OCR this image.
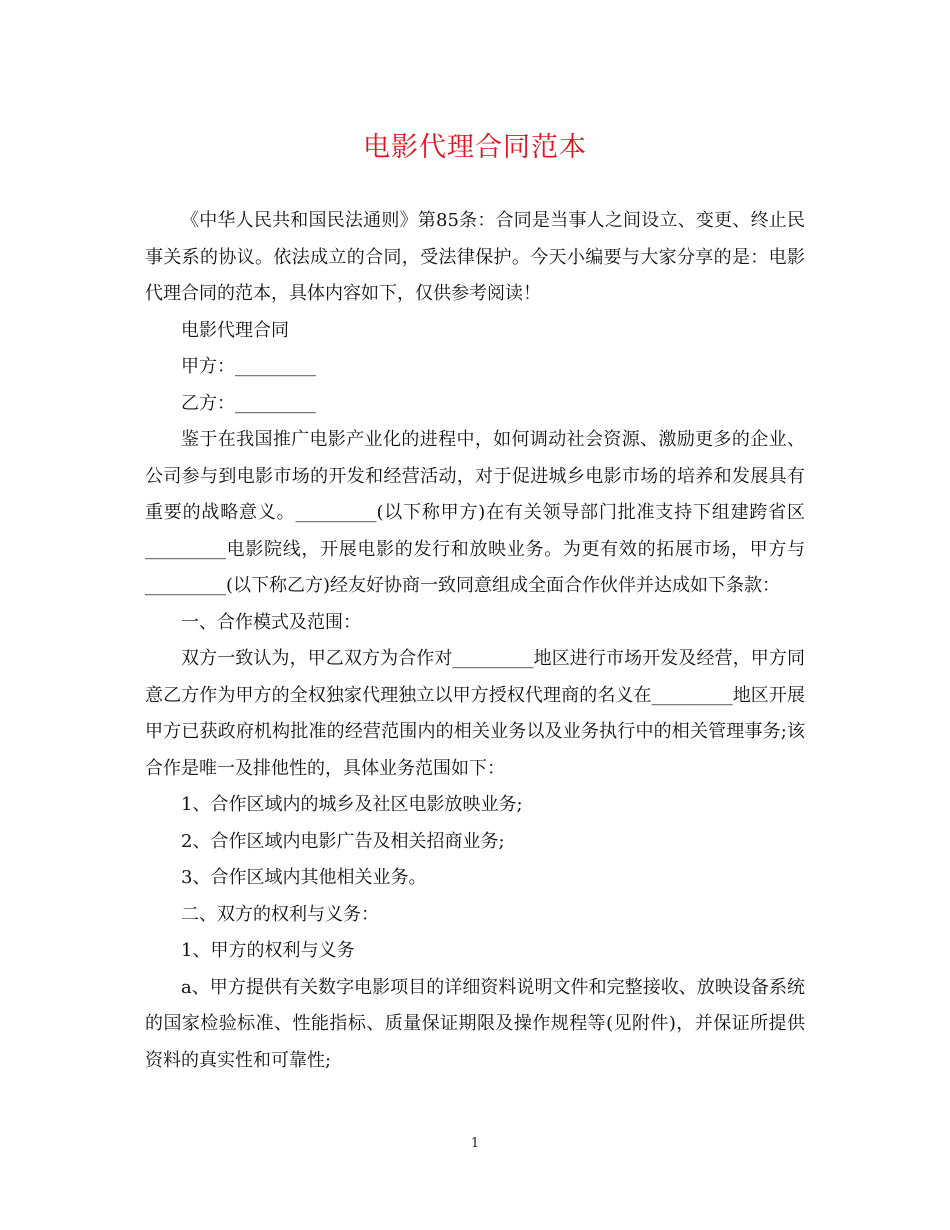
电影代理合同范本

《中华人民共和国民法通则》第85条：合同是当事人之间设立、变更、终止民事关系的协议。依法成立的合同，受法律保护。今天小编要与大家分享的是：电影代理合同的范本，具体内容如下，仅供参考阅读！

电影代理合同

甲方：_________

乙方：_________

鉴于在我国推广电影产业化的进程中，如何调动社会资源、激励更多的企业、公司参与到电影市场的开发和经营活动，对于促进城乡电影市场的培养和发展具有重要的战略意义。_________(以下称甲方)在有关领导部门批准支持下组建跨省区_________电影院线，开展电影的发行和放映业务。为更有效的拓展市场，甲方与_________(以下称乙方)经友好协商一致同意组成全面合作伙伴并达成如下条款：

一、合作模式及范围：

双方一致认为，甲乙双方为合作对_________地区进行市场开发及经营，甲方同意乙方作为甲方的全权独家代理独立以甲方授权代理商的名义在_________地区开展甲方已获政府机构批准的经营范围内的相关业务以及业务执行中的相关管理事务;该合作是唯一及排他性的，具体业务范围如下：

1、合作区域内的城乡及社区电影放映业务;

2、合作区域内电影广告及相关招商业务;

3、合作区域内其他相关业务。

二、双方的权利与义务：

1、甲方的权利与义务

a、甲方提供有关数字电影项目的详细资料说明文件和完整接收、放映设备系统的国家检验标准、性能指标、质量保证期限及操作规程等(见附件)，并保证所提供资料的真实性和可靠性;

1
